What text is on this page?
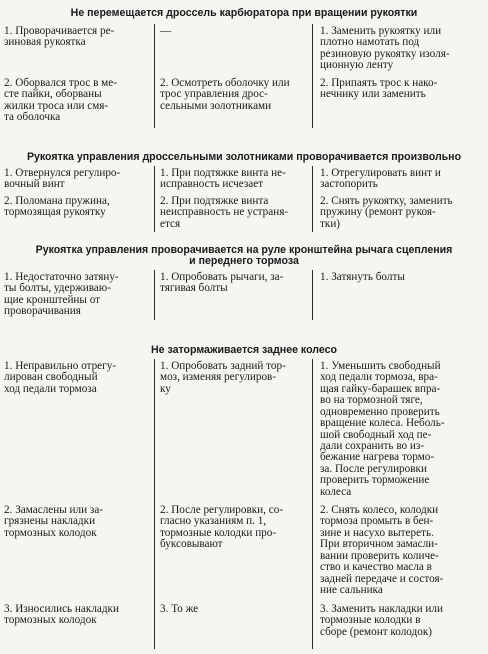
Не перемещается дроссель карбюратора при вращении рукоятки
1. Проворачивается ре-
зиновая рукоятка
—	1. Заменить рукоятку или
плотно намотать под
резиновую рукоятку изоля-
ционную ленту
2. Оборвался трос в ме-
сте пайки, оборваны
жилки троса или смя-
та оболочка
2. Осмотреть оболочку или
трос управления дрос-
сельными золотниками
2. Припаять трос к нако-
нечнику или заменить
Рукоятка управления дроссельными золотниками проворачивается произвольно
1. Отвернулся регулиро-
вочный винт
1. При подтяжке винта не-
исправность исчезает
1. Отрегулировать винт и
застопорить
2. Поломана пружина,
тормозящая рукоятку
2. При подтяжке винта
неисправность не устраня-
ется
2. Снять рукоятку, заменить
пружину (ремонт рукоя-
тки)
Рукоятка управления проворачивается на руле кронштейна рычага сцепления
и переднего тормоза
1. Недостаточно затяну-
ты болты, удерживаю-
щие кронштейны от
проворачивания
1. Опробовать рычаги, за-
тягивая болты
1. Затянуть болты
Не затормаживается заднее колесо
1. Неправильно отрегу-
лирован свободный
ход педали тормоза
1. Опробовать задний тор-
моз, изменяя регулиров-
ку
1. Уменьшить свободный
ход педали тормоза, вра-
щая гайку-барашек впра-
во на тормозной тяге,
одновременно проверить
вращение колеса. Неболь-
шой свободный ход пе-
дали сохранить во из-
бежание нагрева тормо-
за. После регулировки
проверить торможение
колеса
2. Замаслены или за-
грязнены накладки
тормозных колодок
2. После регулировки, со-
гласно указаниям п. 1,
тормозные колодки про-
буксовывают
2. Снять колесо, колодки
тормоза промыть в бен-
зине и насухо вытереть.
При вторичном замасли-
вании проверить количе-
ство и качество масла в
задней передаче и состоя-
ние сальника
3. Износились накладки
тормозных колодок
3. То же	3. Заменить накладки или
тормозные колодки в
сборе (ремонт колодок)
